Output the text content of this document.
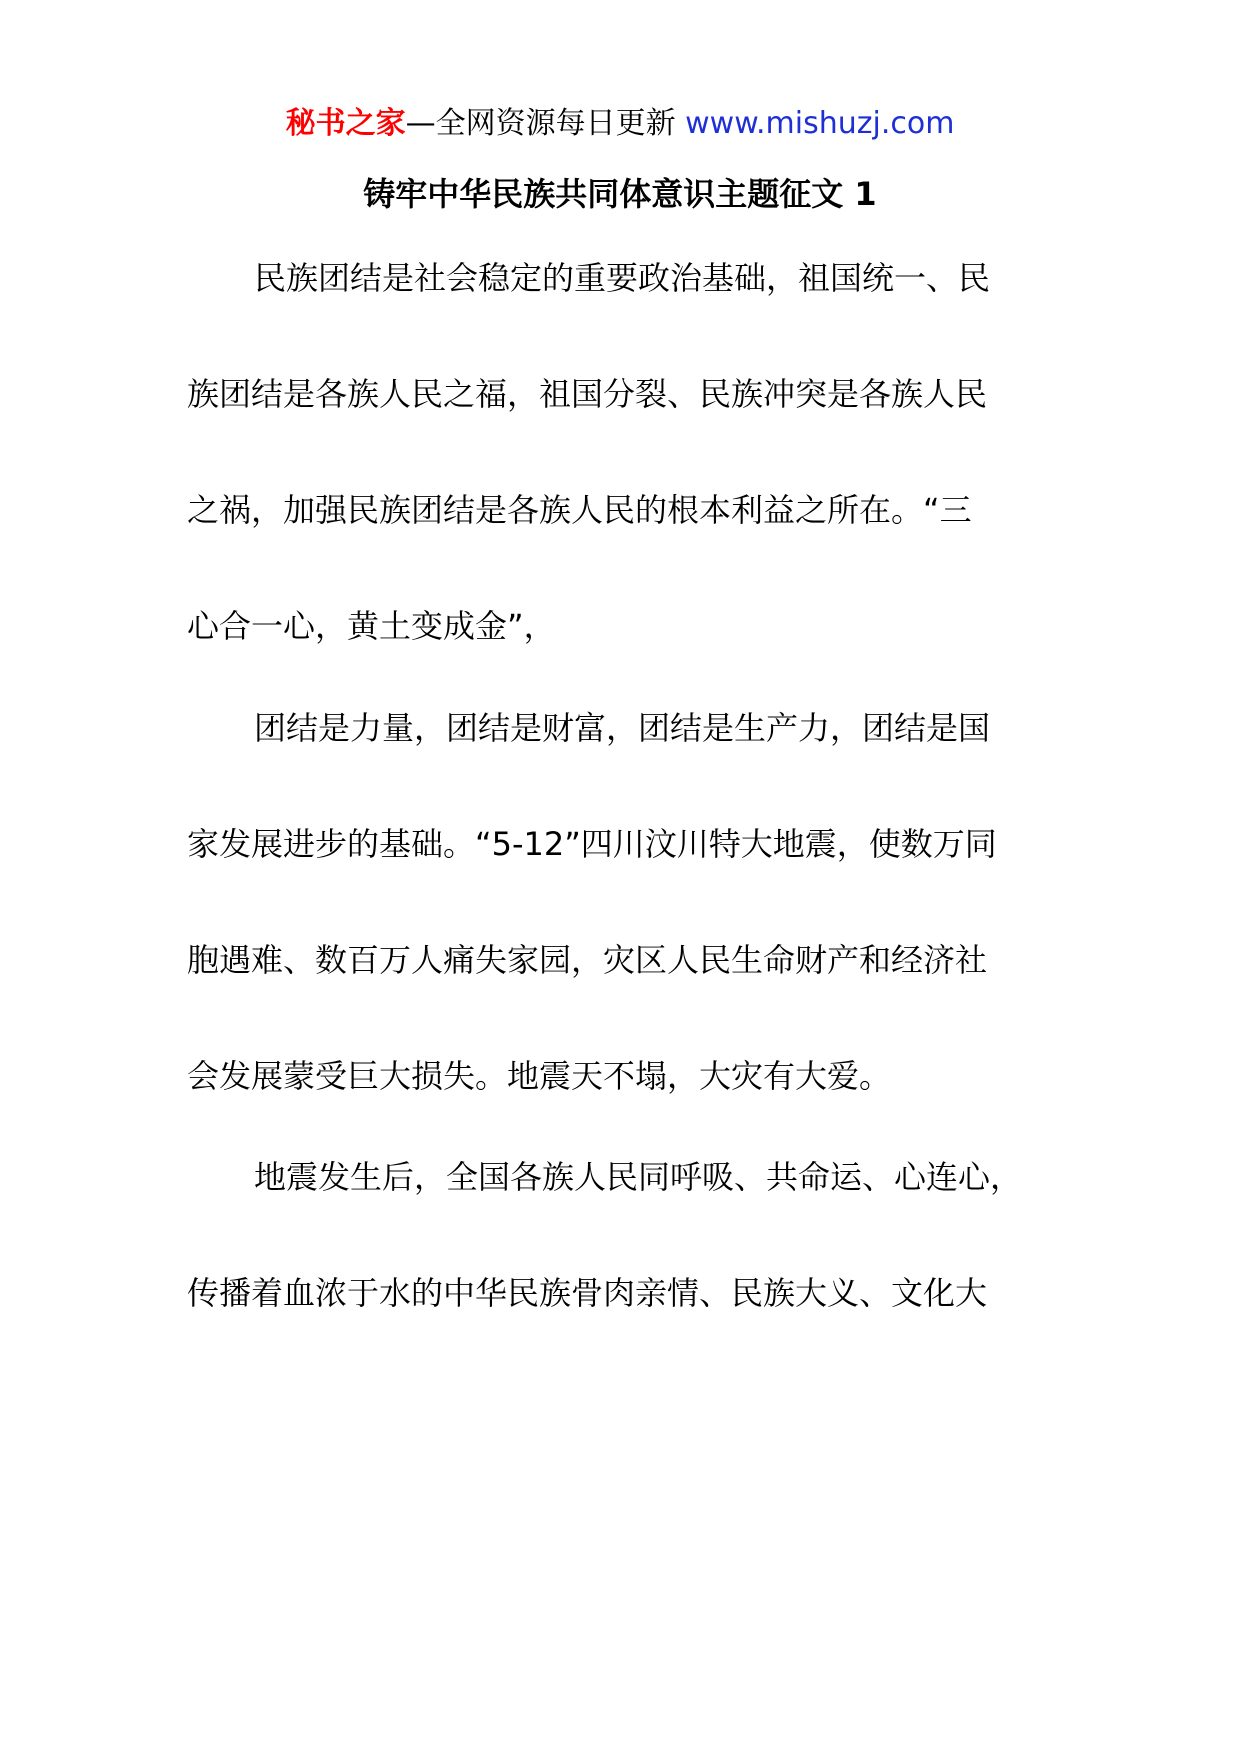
秘书之家—全网资源每日更新 www.mishuzj.com
铸牢中华民族共同体意识主题征文 1
民族团结是社会稳定的重要政治基础，祖国统一、民
族团结是各族人民之福，祖国分裂、民族冲突是各族人民
之祸，加强民族团结是各族人民的根本利益之所在。“三
心合一心，黄土变成金”，
团结是力量，团结是财富，团结是生产力，团结是国
家发展进步的基础。“5-12”四川汶川特大地震，使数万同
胞遇难、数百万人痛失家园，灾区人民生命财产和经济社
会发展蒙受巨大损失。地震天不塌，大灾有大爱。
地震发生后，全国各族人民同呼吸、共命运、心连心，
传播着血浓于水的中华民族骨肉亲情、民族大义、文化大
